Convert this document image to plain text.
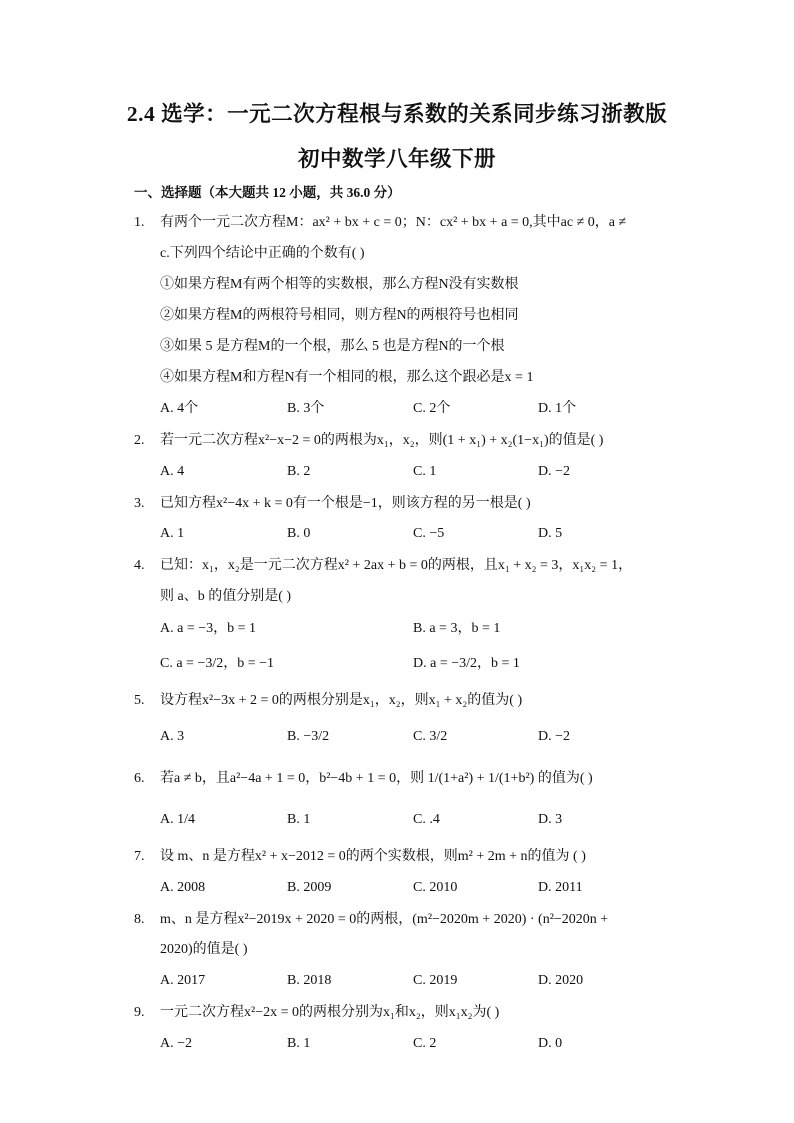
2.4 选学：一元二次方程根与系数的关系同步练习浙教版
初中数学八年级下册
一、选择题（本大题共 12 小题，共 36.0 分）
1. 有两个一元二次方程M：ax² + bx + c = 0；N：cx² + bx + a = 0,其中ac ≠ 0，a ≠
c.下列四个结论中正确的个数有( )
①如果方程M有两个相等的实数根，那么方程N没有实数根
②如果方程M的两根符号相同，则方程N的两根符号也相同
③如果 5 是方程M的一个根，那么 5 也是方程N的一个根
④如果方程M和方程N有一个相同的根，那么这个跟必是x = 1
A. 4个	B. 3个	C. 2个	D. 1个
2. 若一元二次方程x²−x−2 = 0的两根为x₁，x₂，则(1 + x₁) + x₂(1−x₁)的值是( )
A. 4	B. 2	C. 1	D. −2
3. 已知方程x²−4x + k = 0有一个根是−1，则该方程的另一根是( )
A. 1	B. 0	C. −5	D. 5
4. 已知：x₁，x₂是一元二次方程x² + 2ax + b = 0的两根，且x₁ + x₂ = 3，x₁x₂ = 1，
则 a、b 的值分别是( )
A. a = −3，b = 1	B. a = 3，b = 1
C. a = −3/2，b = −1	D. a = −3/2，b = 1
5. 设方程x²−3x + 2 = 0的两根分别是x₁，x₂，则x₁ + x₂的值为( )
A. 3	B. −3/2	C. 3/2	D. −2
6. 若a ≠ b，且a²−4a + 1 = 0，b²−4b + 1 = 0，则 1/(1+a²) + 1/(1+b²) 的值为( )
A. 1/4	B. 1	C. .4	D. 3
7. 设 m、n 是方程x² + x−2012 = 0的两个实数根，则m² + 2m + n的值为 ( )
A. 2008	B. 2009	C. 2010	D. 2011
8. m、n 是方程x²−2019x + 2020 = 0的两根，(m²−2020m + 2020) · (n²−2020n +
2020)的值是( )
A. 2017	B. 2018	C. 2019	D. 2020
9. 一元二次方程x²−2x = 0的两根分别为x₁和x₂，则x₁x₂为( )
A. −2	B. 1	C. 2	D. 0
